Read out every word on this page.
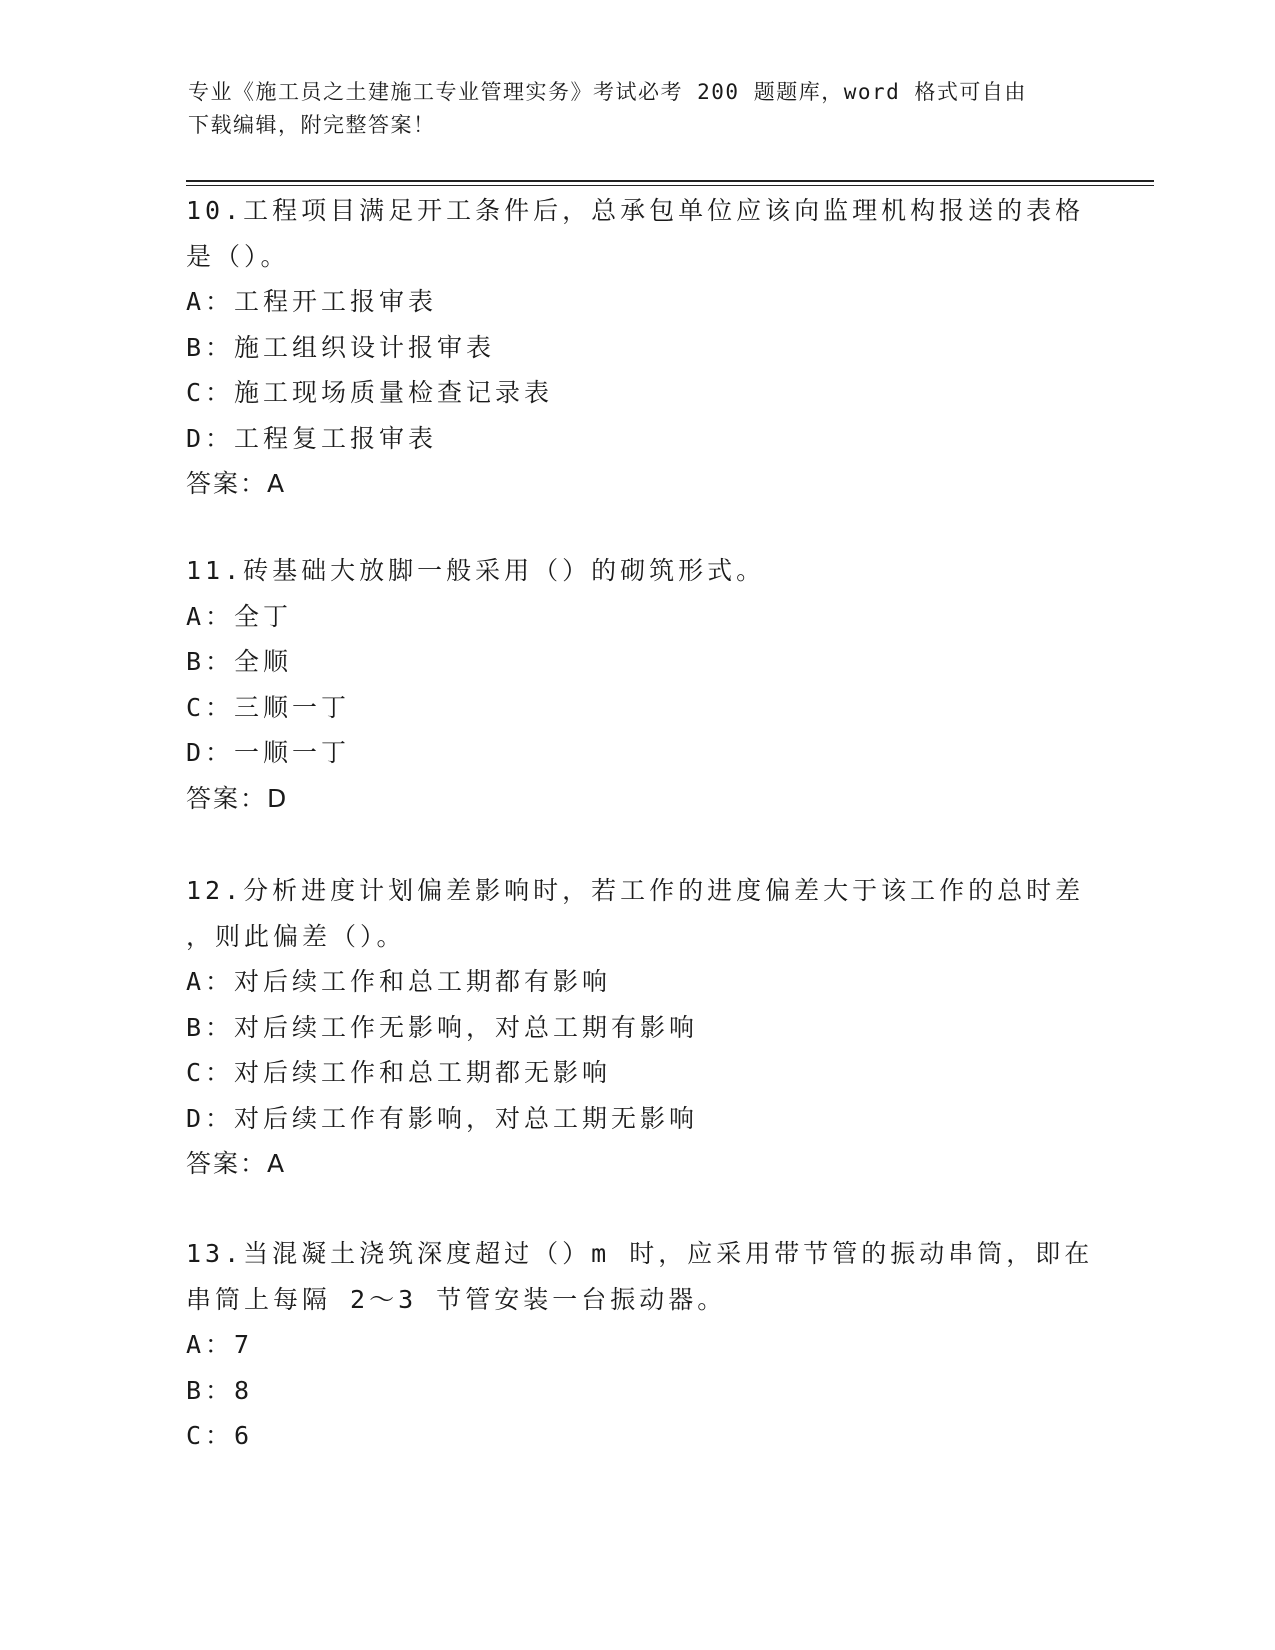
专业《施工员之土建施工专业管理实务》考试必考 200 题题库，word 格式可自由
下载编辑，附完整答案！
10.工程项目满足开工条件后，总承包单位应该向监理机构报送的表格
是（）。
A：工程开工报审表
B：施工组织设计报审表
C：施工现场质量检查记录表
D：工程复工报审表
答案：A
11.砖基础大放脚一般采用（）的砌筑形式。
A：全丁
B：全顺
C：三顺一丁
D：一顺一丁
答案：D
12.分析进度计划偏差影响时，若工作的进度偏差大于该工作的总时差
，则此偏差（）。
A：对后续工作和总工期都有影响
B：对后续工作无影响，对总工期有影响
C：对后续工作和总工期都无影响
D：对后续工作有影响，对总工期无影响
答案：A
13.当混凝土浇筑深度超过（）m 时，应采用带节管的振动串筒，即在
串筒上每隔 2～3 节管安装一台振动器。
A：7
B：8
C：6
